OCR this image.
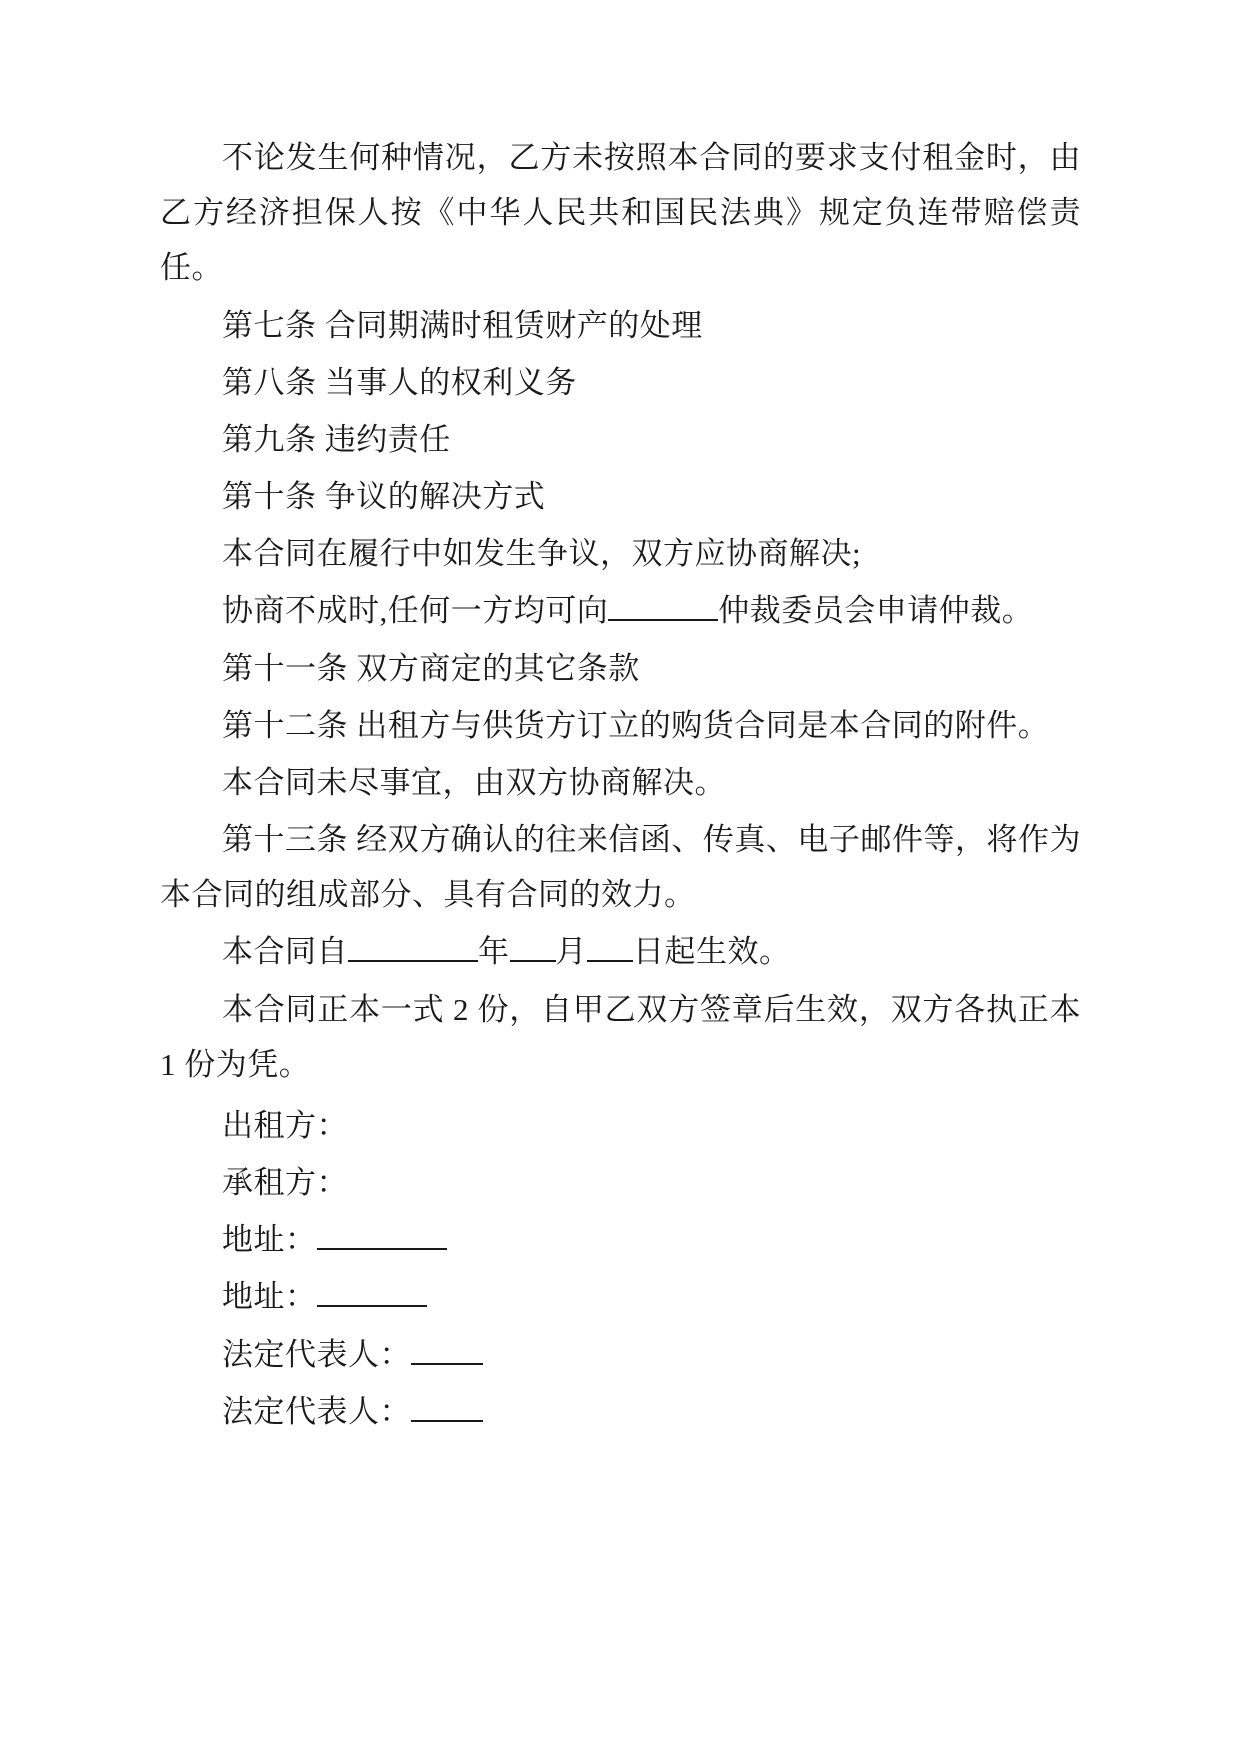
不论发生何种情况，乙方未按照本合同的要求支付租金时，由乙方经济担保人按《中华人民共和国民法典》规定负连带赔偿责任。

第七条 合同期满时租赁财产的处理

第八条 当事人的权利义务

第九条 违约责任

第十条 争议的解决方式

本合同在履行中如发生争议，双方应协商解决;

协商不成时,任何一方均可向	仲裁委员会申请仲裁。

第十一条 双方商定的其它条款

第十二条 出租方与供货方订立的购货合同是本合同的附件。

本合同未尽事宜，由双方协商解决。

第十三条 经双方确认的往来信函、传真、电子邮件等，将作为本合同的组成部分、具有合同的效力。

本合同自	年 月 日起生效。

本合同正本一式 2 份，自甲乙双方签章后生效，双方各执正本 1 份为凭。

出租方：

承租方：

地址：

地址：

法定代表人：

法定代表人：
